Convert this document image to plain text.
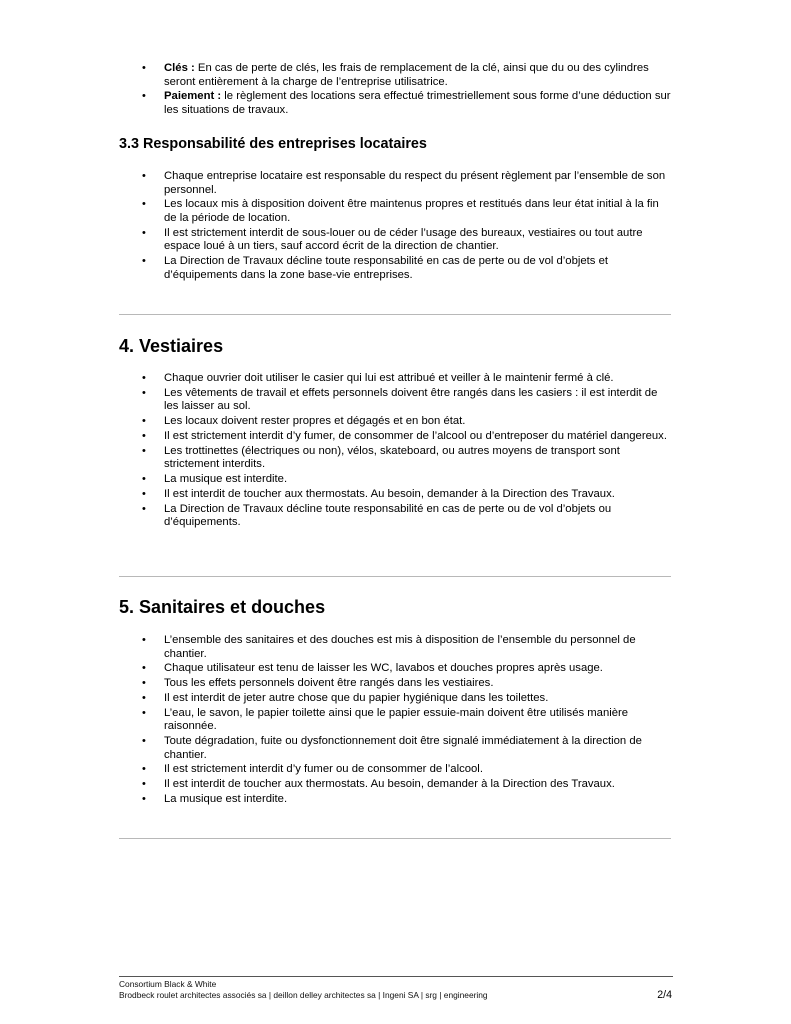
• Clés : En cas de perte de clés, les frais de remplacement de la clé, ainsi que du ou des cylindres seront entièrement à la charge de l’entreprise utilisatrice.
• Paiement : le règlement des locations sera effectué trimestriellement sous forme d’une déduction sur les situations de travaux.
3.3 Responsabilité des entreprises locataires
• Chaque entreprise locataire est responsable du respect du présent règlement par l’ensemble de son personnel.
• Les locaux mis à disposition doivent être maintenus propres et restitués dans leur état initial à la fin de la période de location.
• Il est strictement interdit de sous-louer ou de céder l’usage des bureaux, vestiaires ou tout autre espace loué à un tiers, sauf accord écrit de la direction de chantier.
• La Direction de Travaux décline toute responsabilité en cas de perte ou de vol d’objets et d’équipements dans la zone base-vie entreprises.
4. Vestiaires
• Chaque ouvrier doit utiliser le casier qui lui est attribué et veiller à le maintenir fermé à clé.
• Les vêtements de travail et effets personnels doivent être rangés dans les casiers : il est interdit de les laisser au sol.
• Les locaux doivent rester propres et dégagés et en bon état.
• Il est strictement interdit d’y fumer, de consommer de l’alcool ou d’entreposer du matériel dangereux.
• Les trottinettes (électriques ou non), vélos, skateboard, ou autres moyens de transport sont strictement interdits.
• La musique est interdite.
• Il est interdit de toucher aux thermostats. Au besoin, demander à la Direction des Travaux.
• La Direction de Travaux décline toute responsabilité en cas de perte ou de vol d’objets ou d’équipements.
5. Sanitaires et douches
• L’ensemble des sanitaires et des douches est mis à disposition de l’ensemble du personnel de chantier.
• Chaque utilisateur est tenu de laisser les WC, lavabos et douches propres après usage.
• Tous les effets personnels doivent être rangés dans les vestiaires.
• Il est interdit de jeter autre chose que du papier hygiénique dans les toilettes.
• L’eau, le savon, le papier toilette ainsi que le papier essuie-main doivent être utilisés manière raisonnée.
• Toute dégradation, fuite ou dysfonctionnement doit être signalé immédiatement à la direction de chantier.
• Il est strictement interdit d’y fumer ou de consommer de l’alcool.
• Il est interdit de toucher aux thermostats. Au besoin, demander à la Direction des Travaux.
• La musique est interdite.
Consortium Black & White
Brodbeck roulet architectes associés sa | deillon delley architectes sa | Ingeni SA | srg | engineering	2/4
